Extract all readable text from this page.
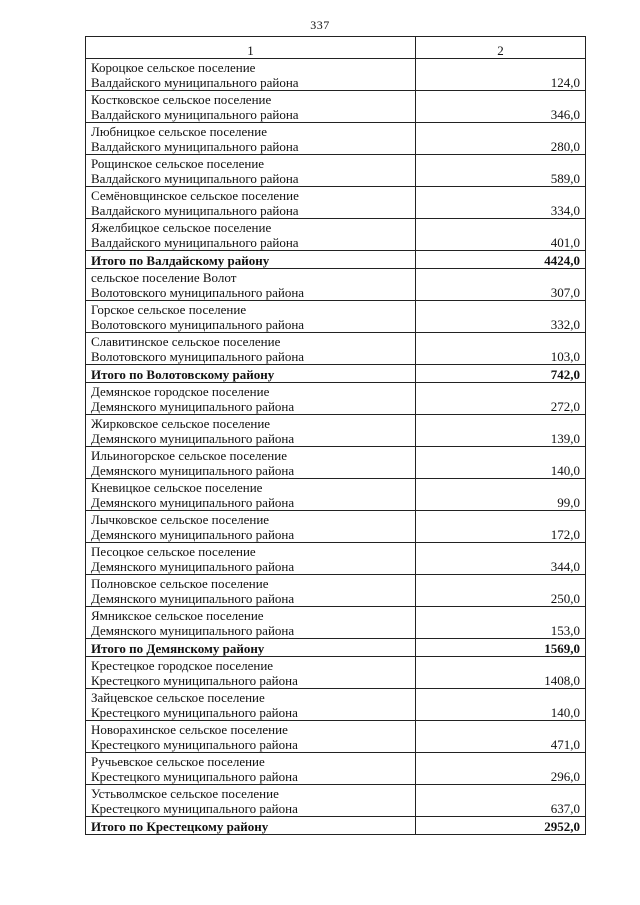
337
1	2

Короцкое сельское поселение
Валдайского муниципального района	124,0

Костковское сельское поселение
Валдайского муниципального района	346,0

Любницкое сельское поселение
Валдайского муниципального района	280,0

Рощинское сельское поселение
Валдайского муниципального района	589,0

Семёновщинское сельское поселение
Валдайского муниципального района	334,0

Яжелбицкое сельское поселение
Валдайского муниципального района	401,0
Итого по Валдайскому району	4424,0

сельское поселение Волот
Волотовского муниципального района	307,0

Горское сельское поселение
Волотовского муниципального района	332,0

Славитинское сельское поселение
Волотовского муниципального района	103,0
Итого по Волотовскому району	742,0

Демянское городское поселение
Демянского муниципального района	272,0

Жирковское сельское поселение
Демянского муниципального района	139,0

Ильиногорское сельское поселение
Демянского муниципального района	140,0

Кневицкое сельское поселение
Демянского муниципального района	99,0

Лычковское сельское поселение
Демянского муниципального района	172,0

Песоцкое сельское поселение
Демянского муниципального района	344,0

Полновское сельское поселение
Демянского муниципального района	250,0

Ямникское сельское поселение
Демянского муниципального района	153,0
Итого по Демянскому району	1569,0

Крестецкое городское поселение
Крестецкого муниципального района	1408,0

Зайцевское сельское поселение
Крестецкого муниципального района	140,0

Новорахинское сельское поселение
Крестецкого муниципального района	471,0

Ручьевское сельское поселение
Крестецкого муниципального района	296,0

Устьволмское сельское поселение
Крестецкого муниципального района	637,0
Итого по Крестецкому району	2952,0
